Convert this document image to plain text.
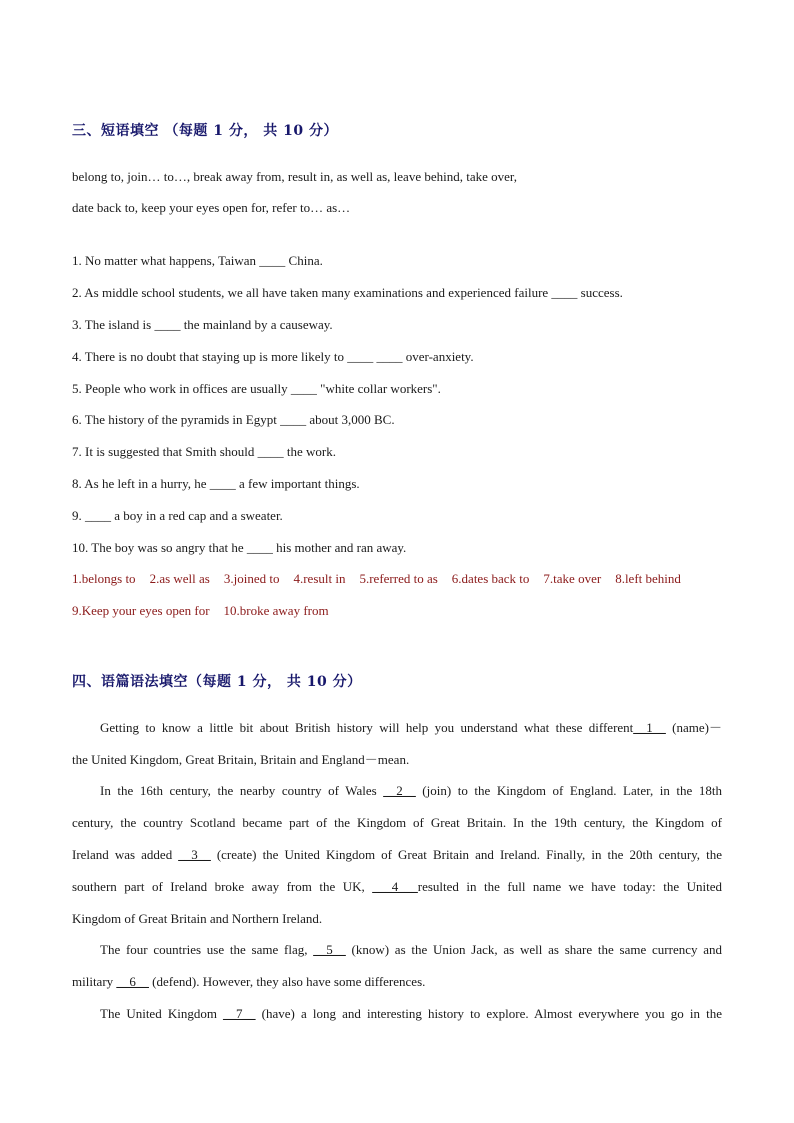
三、短语填空 （每题 1 分， 共 10 分）
belong to, join… to…, break away from, result in, as well as, leave behind, take over,
date back to, keep your eyes open for, refer to… as…
1. No matter what happens, Taiwan ____ China.
2. As middle school students, we all have taken many examinations and experienced failure ____ success.
3. The island is ____ the mainland by a causeway.
4. There is no doubt that staying up is more likely to ____ ____ over-anxiety.
5. People who work in offices are usually ____ "white collar workers".
6. The history of the pyramids in Egypt ____ about 3,000 BC.
7. It is suggested that Smith should ____ the work.
8. As he left in a hurry, he ____ a few important things.
9. ____ a boy in a red cap and a sweater.
10. The boy was so angry that he ____ his mother and ran away.
1.belongs to 2.as well as 3.joined to 4.result in 5.referred to as 6.dates back to 7.take over 8.left behind
9.Keep your eyes open for 10.broke away from
四、语篇语法填空（每题 1 分， 共 10 分）
Getting to know a little bit about British history will help you understand what these different__1__ (name)－
the United Kingdom, Great Britain, Britain and England－mean.
In the 16th century, the nearby country of Wales __2__ (join) to the Kingdom of England. Later, in the 18th
century, the country Scotland became part of the Kingdom of Great Britain. In the 19th century, the Kingdom of
Ireland was added __3__ (create) the United Kingdom of Great Britain and Ireland. Finally, in the 20th century, the
southern part of Ireland broke away from the UK, ___4___resulted in the full name we have today: the United
Kingdom of Great Britain and Northern Ireland.
The four countries use the same flag, __5__ (know) as the Union Jack, as well as share the same currency and
military __6__ (defend). However, they also have some differences.
The United Kingdom __7__ (have) a long and interesting history to explore. Almost everywhere you go in the
